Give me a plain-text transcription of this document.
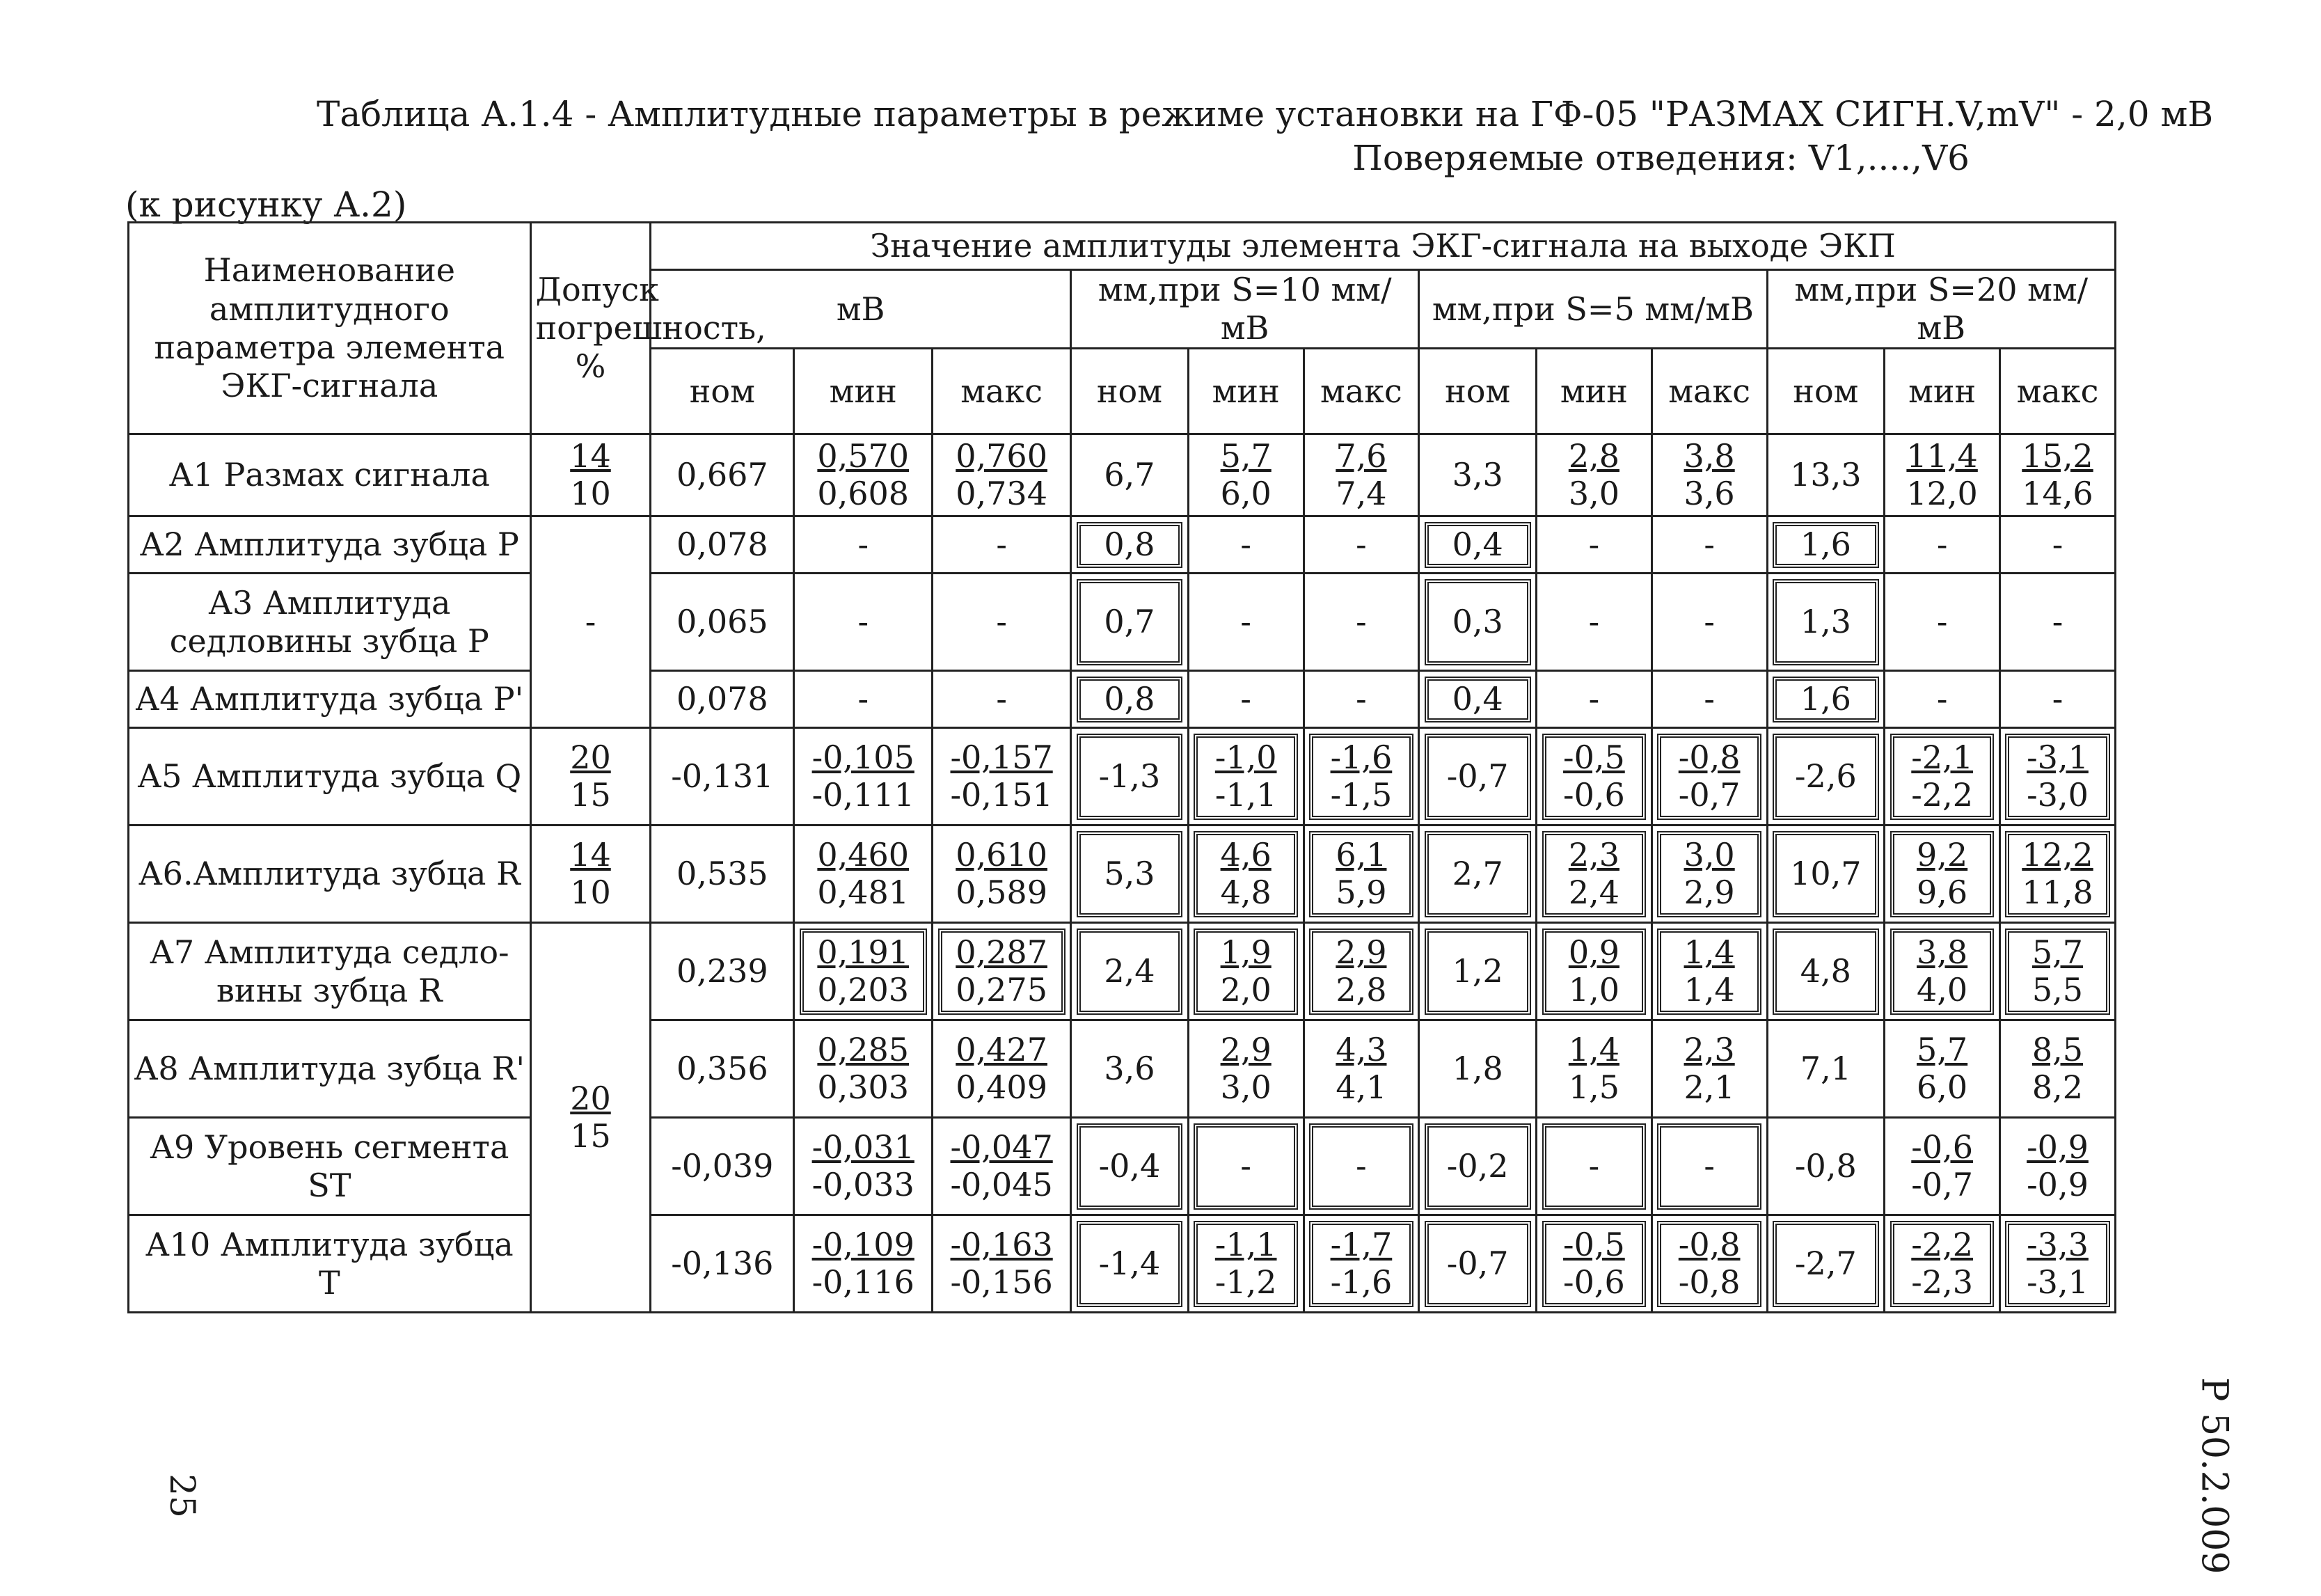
Таблица А.1.4 - Амплитудные параметры в режиме установки на ГФ-05 "РАЗМАХ СИГН.V,mV" - 2,0 мВ
Поверяемые отведения: V1,....,V6
(к рисунку А.2)
Наименование амплитудного параметра элемента ЭКГ-сигнала	Допуск погрешность, %	Значение амплитуды элемента ЭКГ-сигнала на выходе ЭКП											
		мВ			мм,при S=10 мм/мВ			мм,при S=5 мм/мВ			мм,при S=20 мм/мВ		
		ном	мин	макс	ном	мин	макс	ном	мин	макс	ном	мин	макс
А1 Размах сигнала	$\frac{14}{10}$	0,667	$\frac{0,570}{0,608}$	$\frac{0,760}{0,734}$	6,7	$\frac{5,7}{6,0}$	$\frac{7,6}{7,4}$	3,3	$\frac{2,8}{3,0}$	$\frac{3,8}{3,6}$	13,3	$\frac{11,4}{12,0}$	$\frac{15,2}{14,6}$

А2 Амплитуда зубца Р	-	0,078	-	-	0,8	-	-	0,4	-	-	1,6	-	-
А3 Амплитуда седловины зубца Р		0,065	-	-	0,7	-	-	0,3	-	-	1,3	-	-
А4 Амплитуда зубца Р'		0,078	-	-	0,8	-	-	0,4	-	-	1,6	-	-
А5 Амплитуда зубца Q	$\frac{20}{15}$	-0,131	$\frac{-0,105}{-0,111}$	$\frac{-0,157}{-0,151}$	-1,3	$\frac{-1,0}{-1,1}$	$\frac{-1,6}{-1,5}$	-0,7	$\frac{-0,5}{-0,6}$	$\frac{-0,8}{-0,7}$	-2,6	$\frac{-2,1}{-2,2}$	$\frac{-3,1}{-3,0}$

А6.Амплитуда зубца R	$\frac{14}{10}$	0,535	$\frac{0,460}{0,481}$	$\frac{0,610}{0,589}$	5,3	$\frac{4,6}{4,8}$	$\frac{6,1}{5,9}$	2,7	$\frac{2,3}{2,4}$	$\frac{3,0}{2,9}$	10,7	$\frac{9,2}{9,6}$	$\frac{12,2}{11,8}$

А7 Амплитуда седло-вины зубца R	$\frac{20}{15}$	0,239	$\frac{0,191}{0,203}$	$\frac{0,287}{0,275}$	2,4	$\frac{1,9}{2,0}$	$\frac{2,9}{2,8}$	1,2	$\frac{0,9}{1,0}$	$\frac{1,4}{1,4}$	4,8	$\frac{3,8}{4,0}$	$\frac{5,7}{5,5}$

А8 Амплитуда зубца R'		0,356	$\frac{0,285}{0,303}$	$\frac{0,427}{0,409}$	3,6	$\frac{2,9}{3,0}$	$\frac{4,3}{4,1}$	1,8	$\frac{1,4}{1,5}$	$\frac{2,3}{2,1}$	7,1	$\frac{5,7}{6,0}$	$\frac{8,5}{8,2}$

А9 Уровень сегмента ST		-0,039	$\frac{-0,031}{-0,033}$	$\frac{-0,047}{-0,045}$	-0,4	-	-	-0,2	-	-	-0,8	$\frac{-0,6}{-0,7}$	$\frac{-0,9}{-0,9}$

А10 Амплитуда зубца Т		-0,136	$\frac{-0,109}{-0,116}$	$\frac{-0,163}{-0,156}$	-1,4	$\frac{-1,1}{-1,2}$	$\frac{-1,7}{-1,6}$	-0,7	$\frac{-0,5}{-0,6}$	$\frac{-0,8}{-0,8}$	-2,7	$\frac{-2,2}{-2,3}$	$\frac{-3,3}{-3,1}$
25	Р 50.2.009
